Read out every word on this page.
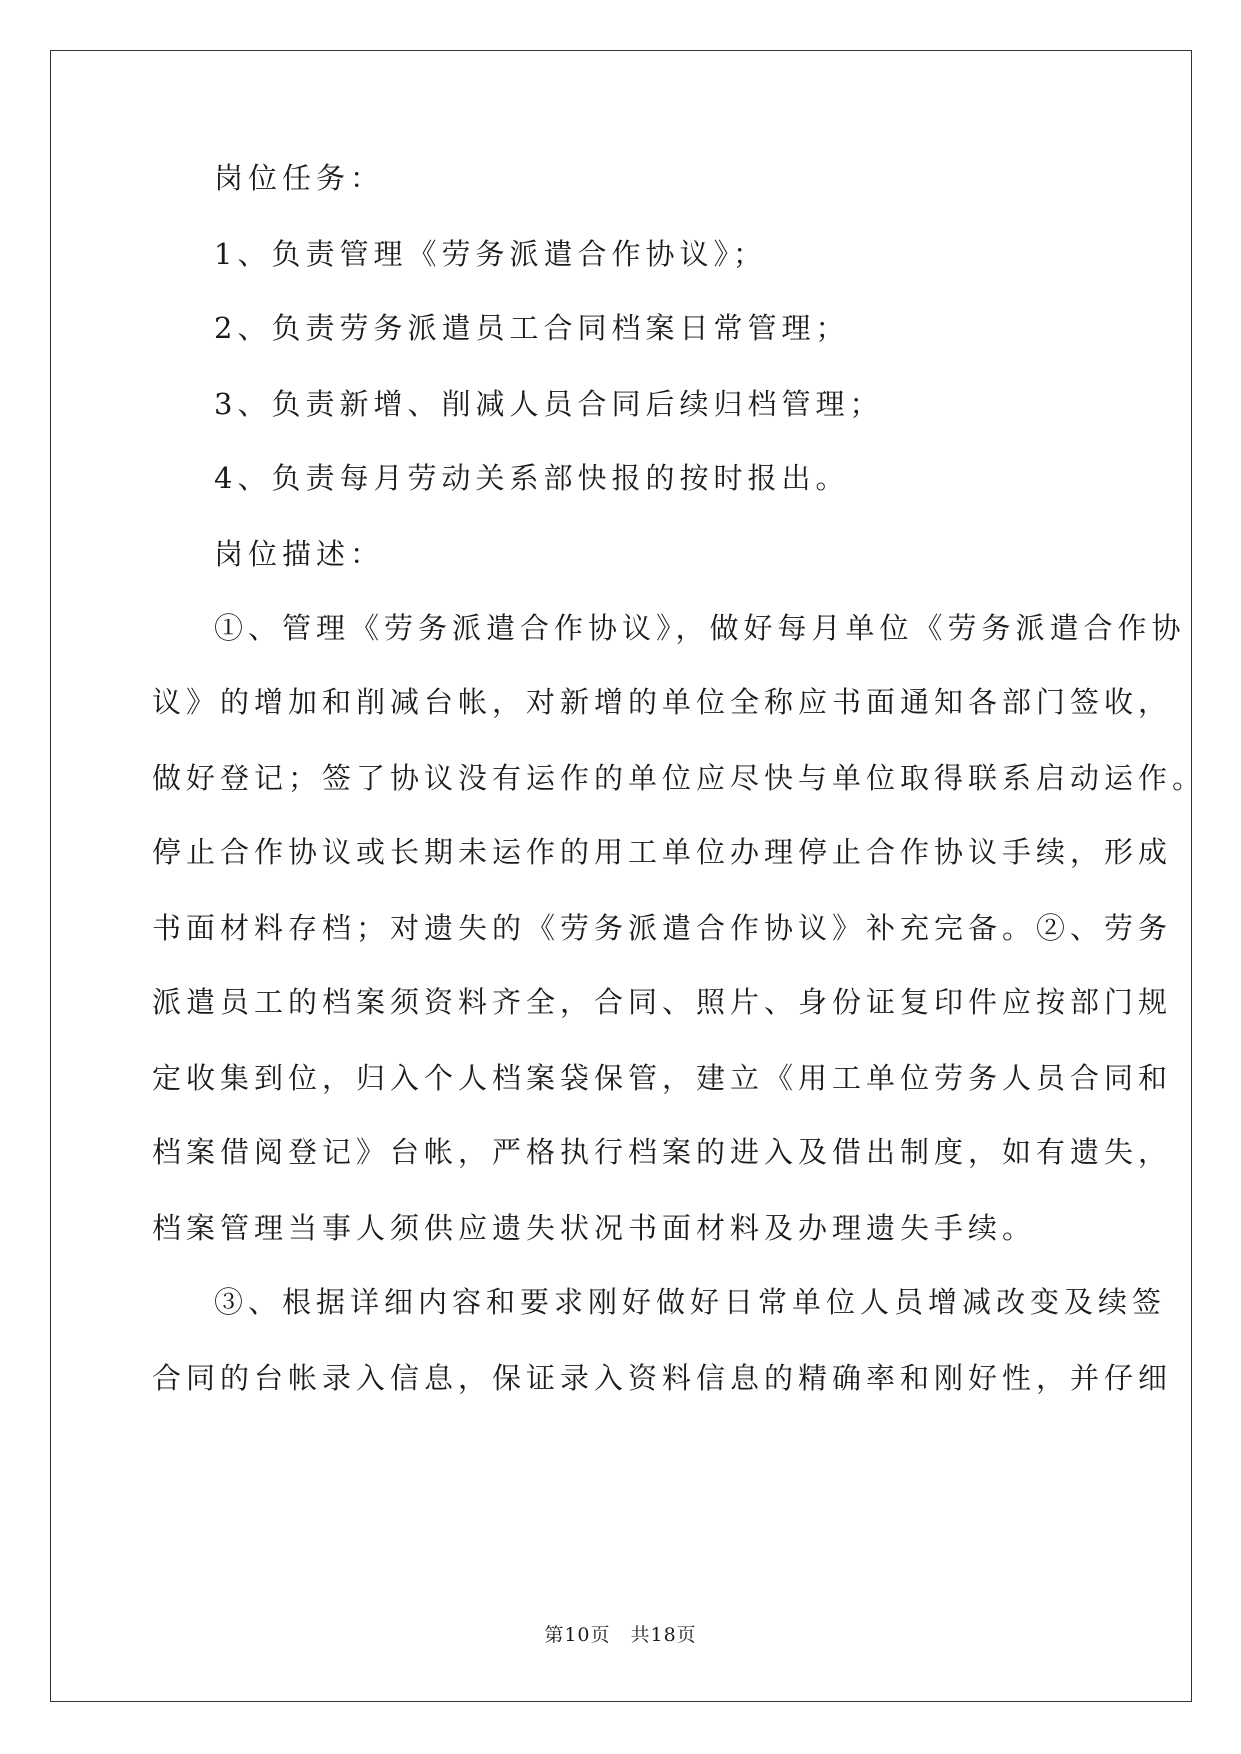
岗位任务：
1、负责管理《劳务派遣合作协议》；
2、负责劳务派遣员工合同档案日常管理；
3、负责新增、削减人员合同后续归档管理；
4、负责每月劳动关系部快报的按时报出。
岗位描述：
①、管理《劳务派遣合作协议》，做好每月单位《劳务派遣合作协
议》的增加和削减台帐，对新增的单位全称应书面通知各部门签收，
做好登记；签了协议没有运作的单位应尽快与单位取得联系启动运作。
停止合作协议或长期未运作的用工单位办理停止合作协议手续，形成
书面材料存档；对遗失的《劳务派遣合作协议》补充完备。②、劳务
派遣员工的档案须资料齐全，合同、照片、身份证复印件应按部门规
定收集到位，归入个人档案袋保管，建立《用工单位劳务人员合同和
档案借阅登记》台帐，严格执行档案的进入及借出制度，如有遗失，
档案管理当事人须供应遗失状况书面材料及办理遗失手续。
③、根据详细内容和要求刚好做好日常单位人员增减改变及续签
合同的台帐录入信息，保证录入资料信息的精确率和刚好性，并仔细
第10页　共18页
